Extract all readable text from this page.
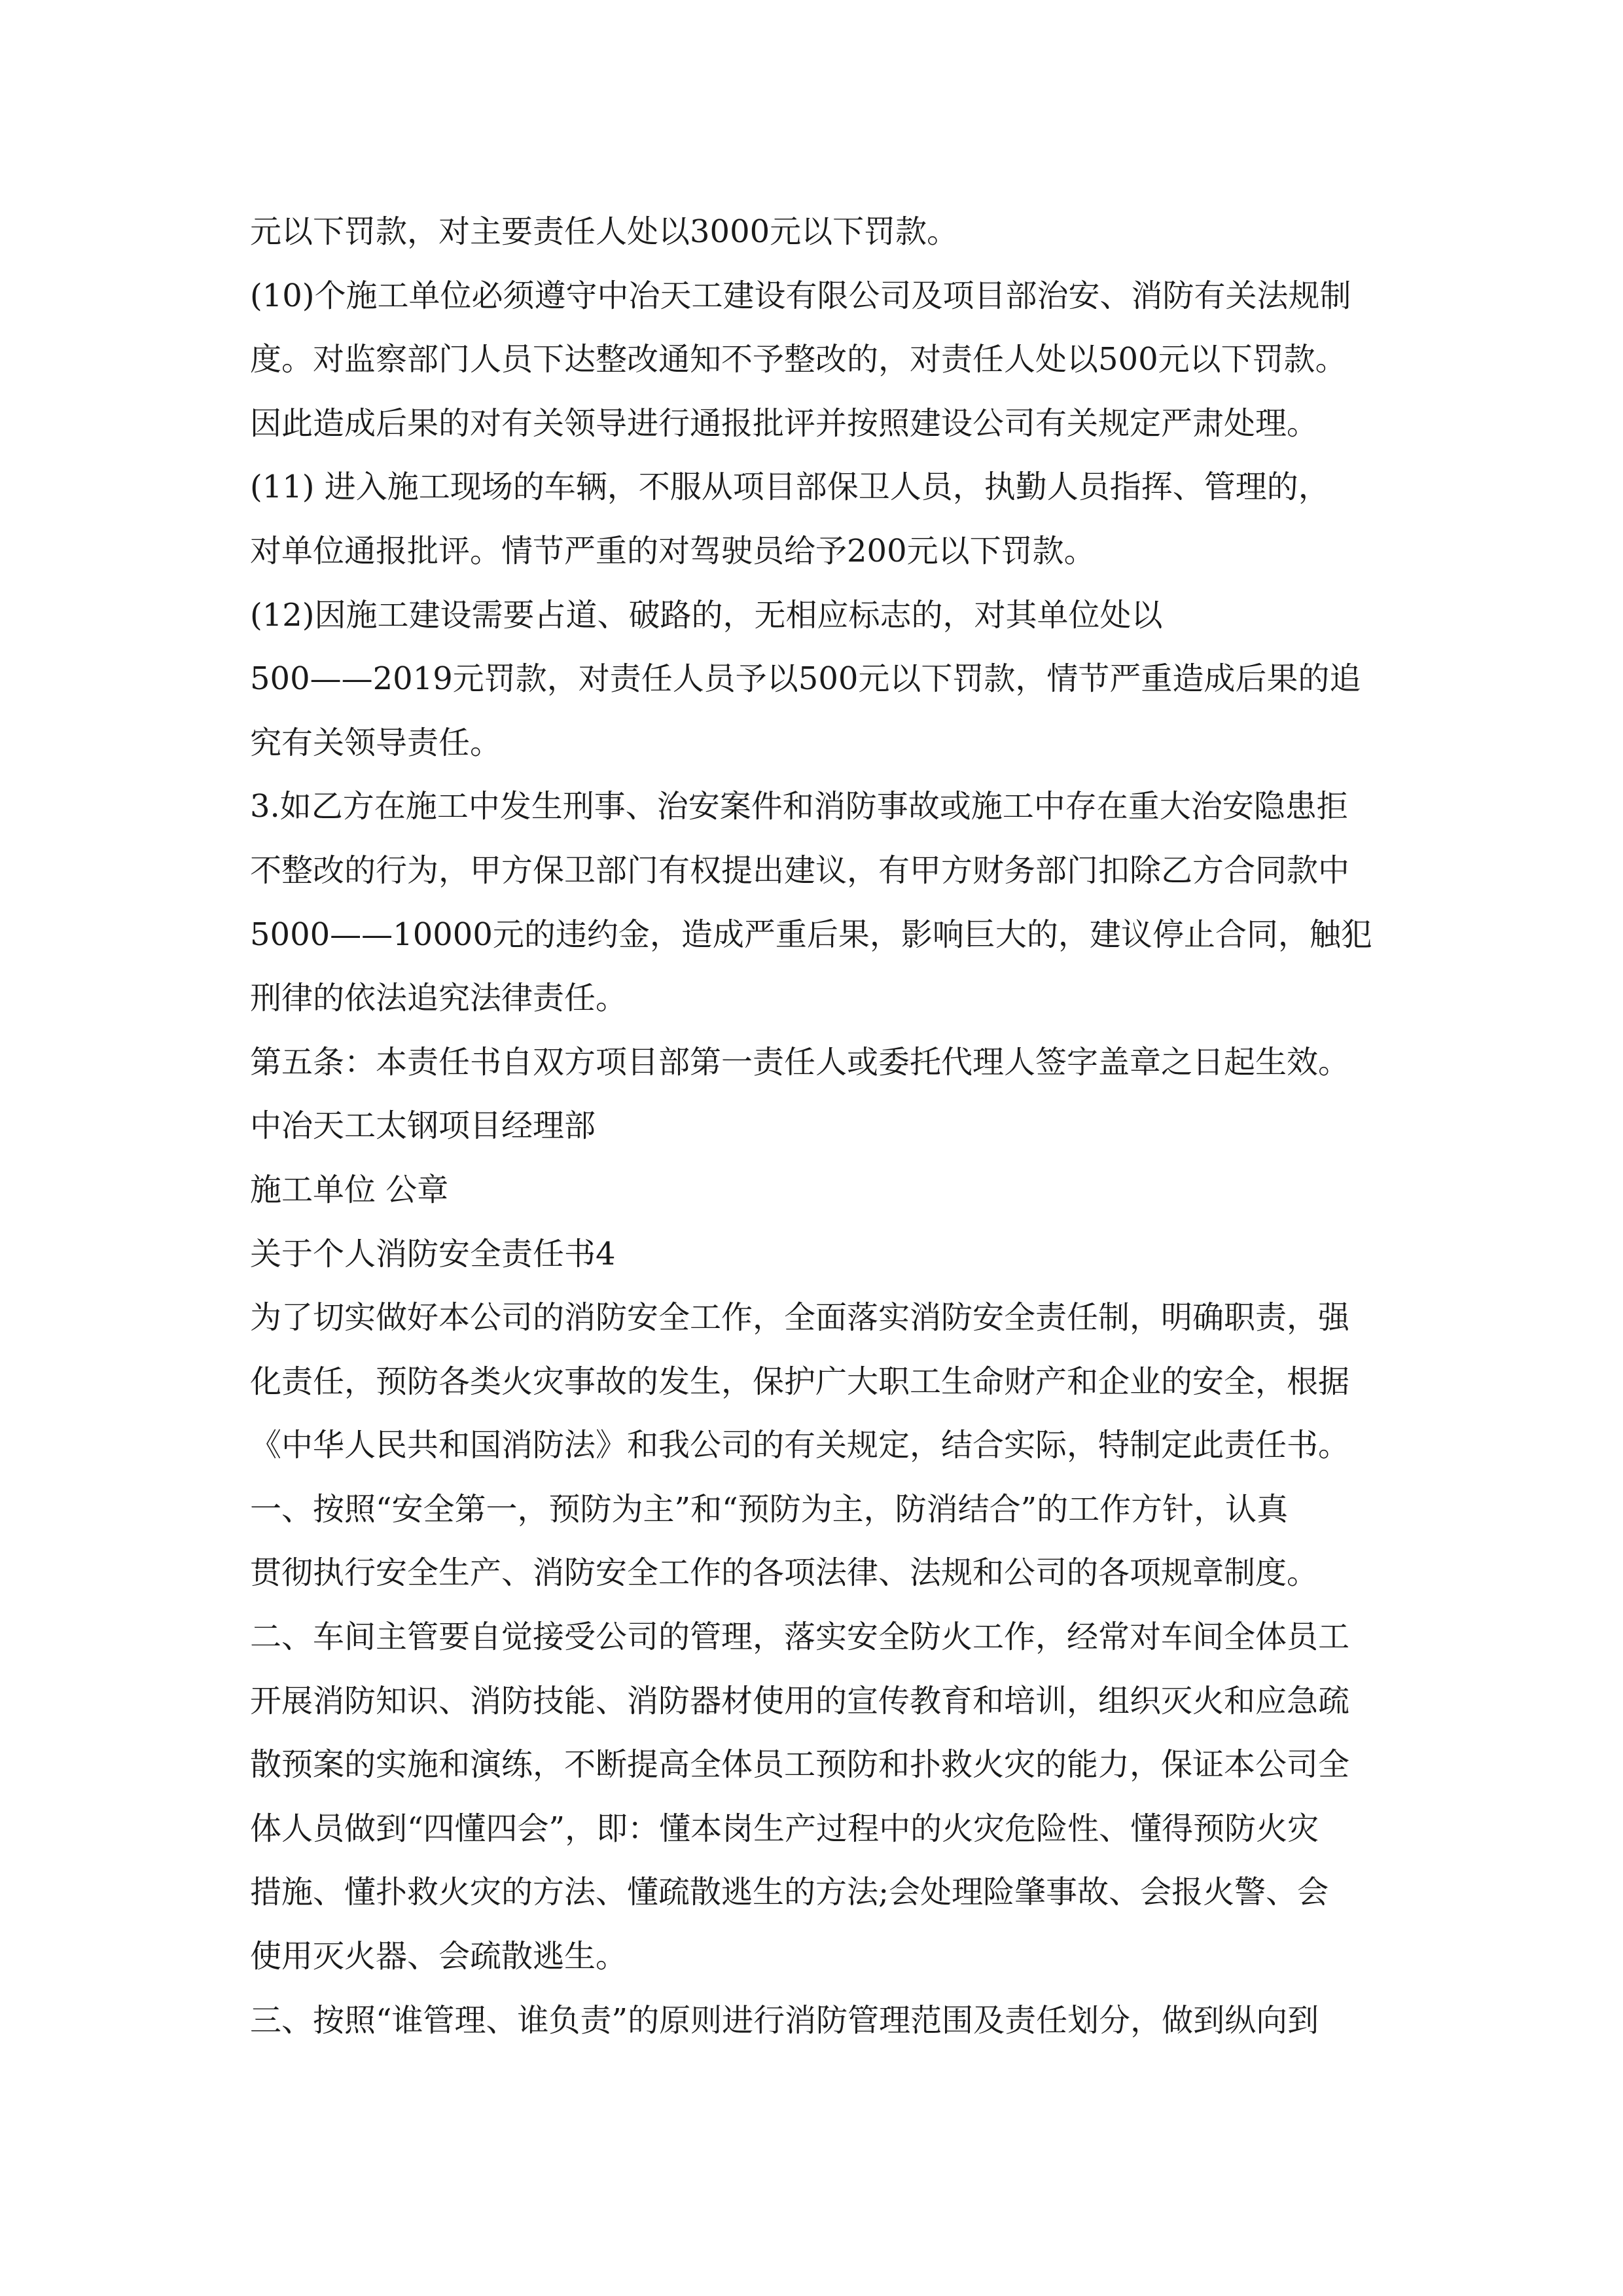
元以下罚款，对主要责任人处以3000元以下罚款。

(10)个施工单位必须遵守中冶天工建设有限公司及项目部治安、消防有关法规制

度。对监察部门人员下达整改通知不予整改的，对责任人处以500元以下罚款。

因此造成后果的对有关领导进行通报批评并按照建设公司有关规定严肃处理。

(11) 进入施工现场的车辆，不服从项目部保卫人员，执勤人员指挥、管理的，

对单位通报批评。情节严重的对驾驶员给予200元以下罚款。

(12)因施工建设需要占道、破路的，无相应标志的，对其单位处以

500——2019元罚款，对责任人员予以500元以下罚款，情节严重造成后果的追

究有关领导责任。

3.如乙方在施工中发生刑事、治安案件和消防事故或施工中存在重大治安隐患拒

不整改的行为，甲方保卫部门有权提出建议，有甲方财务部门扣除乙方合同款中

5000——10000元的违约金，造成严重后果，影响巨大的，建议停止合同，触犯

刑律的依法追究法律责任。

第五条：本责任书自双方项目部第一责任人或委托代理人签字盖章之日起生效。

中冶天工太钢项目经理部

施工单位 公章

关于个人消防安全责任书4

为了切实做好本公司的消防安全工作，全面落实消防安全责任制，明确职责，强

化责任，预防各类火灾事故的发生，保护广大职工生命财产和企业的安全，根据

《中华人民共和国消防法》和我公司的有关规定，结合实际，特制定此责任书。

一、按照“安全第一，预防为主”和“预防为主，防消结合”的工作方针，认真

贯彻执行安全生产、消防安全工作的各项法律、法规和公司的各项规章制度。

二、车间主管要自觉接受公司的管理，落实安全防火工作，经常对车间全体员工

开展消防知识、消防技能、消防器材使用的宣传教育和培训，组织灭火和应急疏

散预案的实施和演练，不断提高全体员工预防和扑救火灾的能力，保证本公司全

体人员做到“四懂四会”，即：懂本岗生产过程中的火灾危险性、懂得预防火灾

措施、懂扑救火灾的方法、懂疏散逃生的方法;会处理险肇事故、会报火警、会

使用灭火器、会疏散逃生。

三、按照“谁管理、谁负责”的原则进行消防管理范围及责任划分，做到纵向到
